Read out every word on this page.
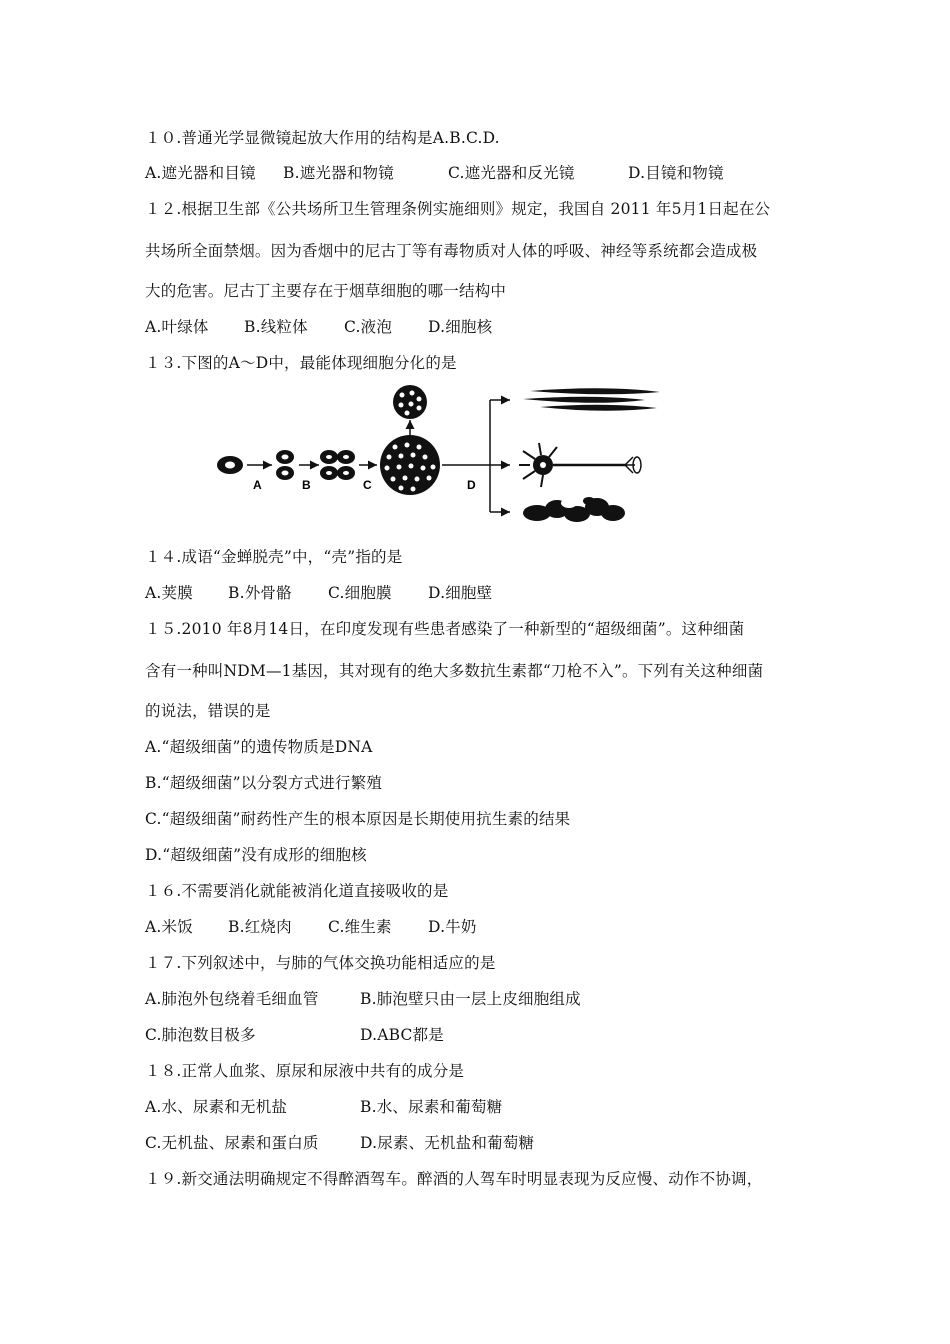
１０.普通光学显微镜起放大作用的结构是A.B.C.D.
A.遮光器和目镜 B.遮光器和物镜	C.遮光器和反光镜	D.目镜和物镜
１２.根据卫生部《公共场所卫生管理条例实施细则》规定，我国自 2011 年5月1日起在公
共场所全面禁烟。因为香烟中的尼古丁等有毒物质对人体的呼吸、神经等系统都会造成极
大的危害。尼古丁主要存在于烟草细胞的哪一结构中
A.叶绿体 B.线粒体 C.液泡 D.细胞核
１３.下图的A～D中，最能体现细胞分化的是
A	B	C	D
１４.成语“金蝉脱壳”中，“壳”指的是
A.荚膜 B.外骨骼 C.细胞膜 D.细胞壁
１５.2010 年8月14日，在印度发现有些患者感染了一种新型的“超级细菌”。这种细菌
含有一种叫NDM—1基因，其对现有的绝大多数抗生素都“刀枪不入”。下列有关这种细菌
的说法，错误的是
A.“超级细菌”的遗传物质是DNA
B.“超级细菌”以分裂方式进行繁殖
C.“超级细菌”耐药性产生的根本原因是长期使用抗生素的结果
D.“超级细菌”没有成形的细胞核
１６.不需要消化就能被消化道直接吸收的是
A.米饭 B.红烧肉 C.维生素 D.牛奶
１７.下列叙述中，与肺的气体交换功能相适应的是
A.肺泡外包绕着毛细血管	B.肺泡壁只由一层上皮细胞组成
C.肺泡数目极多	D.ABC都是
１８.正常人血浆、原尿和尿液中共有的成分是
A.水、尿素和无机盐	B.水、尿素和葡萄糖
C.无机盐、尿素和蛋白质	D.尿素、无机盐和葡萄糖
１９.新交通法明确规定不得醉酒驾车。醉酒的人驾车时明显表现为反应慢、动作不协调，
